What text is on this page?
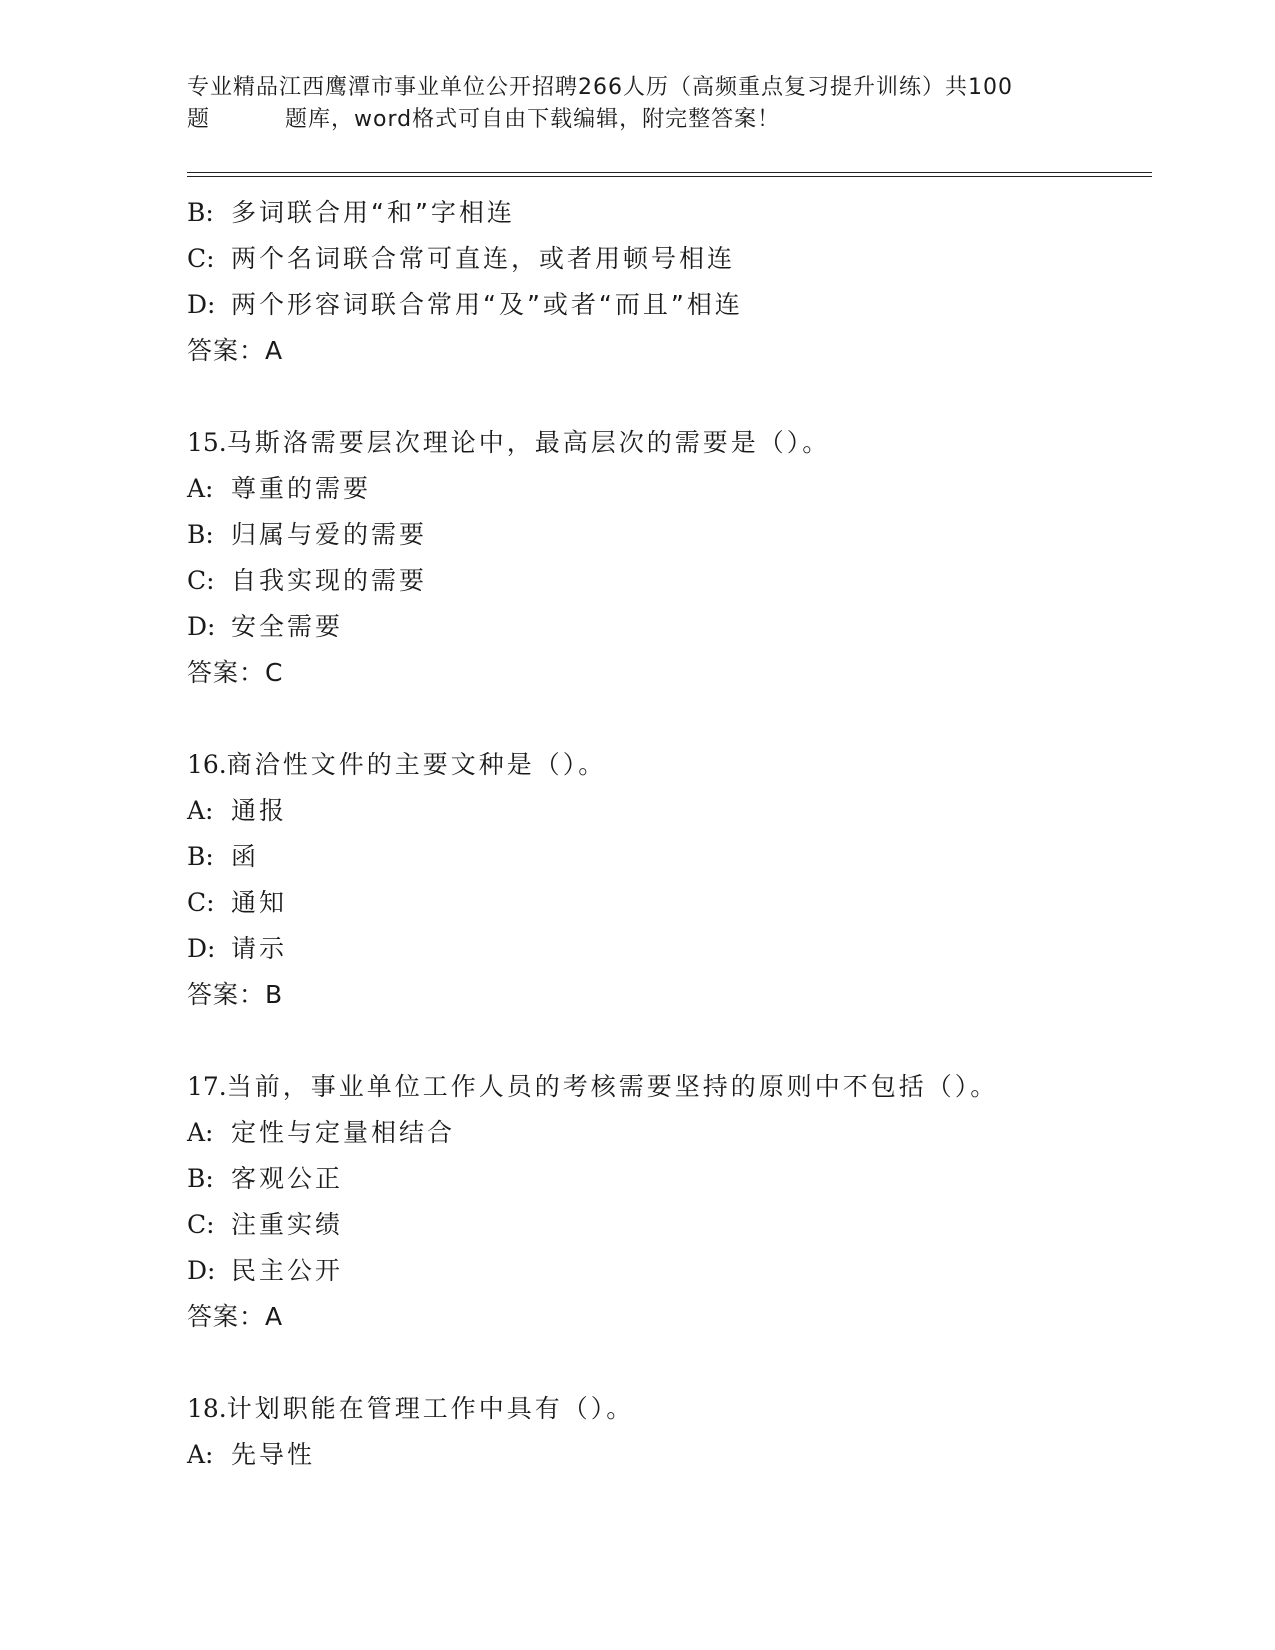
专业精品江西鹰潭市事业单位公开招聘266人历（高频重点复习提升训练）共100
题	题库，word格式可自由下载编辑，附完整答案！
B: 多词联合用“和”字相连
C: 两个名词联合常可直连，或者用顿号相连
D: 两个形容词联合常用“及”或者“而且”相连
答案：A
15.马斯洛需要层次理论中，最高层次的需要是（）。
A: 尊重的需要
B: 归属与爱的需要
C: 自我实现的需要
D: 安全需要
答案：C
16.商洽性文件的主要文种是（）。
A: 通报
B: 函
C: 通知
D: 请示
答案：B
17.当前，事业单位工作人员的考核需要坚持的原则中不包括（）。
A: 定性与定量相结合
B: 客观公正
C: 注重实绩
D: 民主公开
答案：A
18.计划职能在管理工作中具有（）。
A: 先导性
